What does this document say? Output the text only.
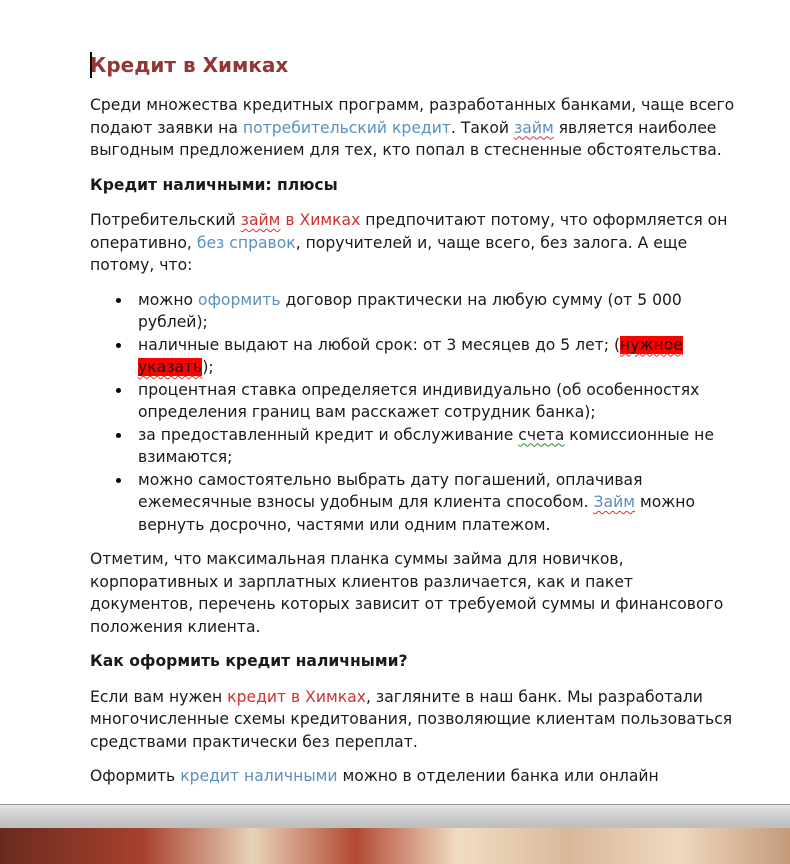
Кредит в Химках

Среди множества кредитных программ, разработанных банками, чаще всего подают заявки на потребительский кредит. Такой займ является наиболее выгодным предложением для тех, кто попал в стесненные обстоятельства.

Кредит наличными: плюсы

Потребительский займ в Химках предпочитают потому, что оформляется он оперативно, без справок, поручителей и, чаще всего, без залога. А еще потому, что:

можно оформить договор практически на любую сумму (от 5 000 рублей);
наличные выдают на любой срок: от 3 месяцев до 5 лет; (нужное указать);
процентная ставка определяется индивидуально (об особенностях определения границ вам расскажет сотрудник банка);
за предоставленный кредит и обслуживание счета комиссионные не взимаются;
можно самостоятельно выбрать дату погашений, оплачивая ежемесячные взносы удобным для клиента способом. Займ можно вернуть досрочно, частями или одним платежом.

Отметим, что максимальная планка суммы займа для новичков, корпоративных и зарплатных клиентов различается, как и пакет документов, перечень которых зависит от требуемой суммы и финансового положения клиента.

Как оформить кредит наличными?

Если вам нужен кредит в Химках, загляните в наш банк. Мы разработали многочисленные схемы кредитования, позволяющие клиентам пользоваться средствами практически без переплат.

Оформить кредит наличными можно в отделении банка или онлайн
